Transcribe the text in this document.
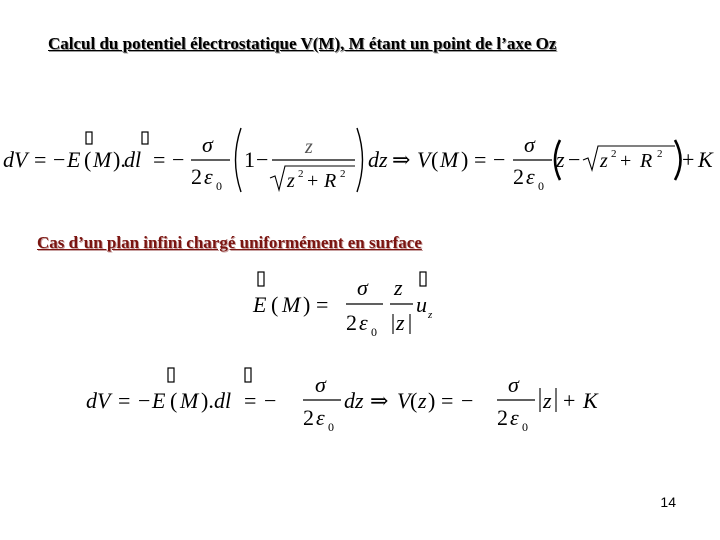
Calcul du potentiel électrostatique V(M), M étant un point de l’axe Oz
dV = −E (M).dl = −
σ
2 ε 0
1 − z
z 2 + R 2
dz ⇒ V(M ) = −
σ
2 ε 0
z − z 2 + R 2 + K
Cas d’un plan infini chargé uniformément en surface
E ( M ) =
σ
2 ε 0
z
z
u z
dV = −E ( M ).dl = −
σ
2 ε 0
dz ⇒ V(z) = −
σ
2 ε 0
z + K
14
